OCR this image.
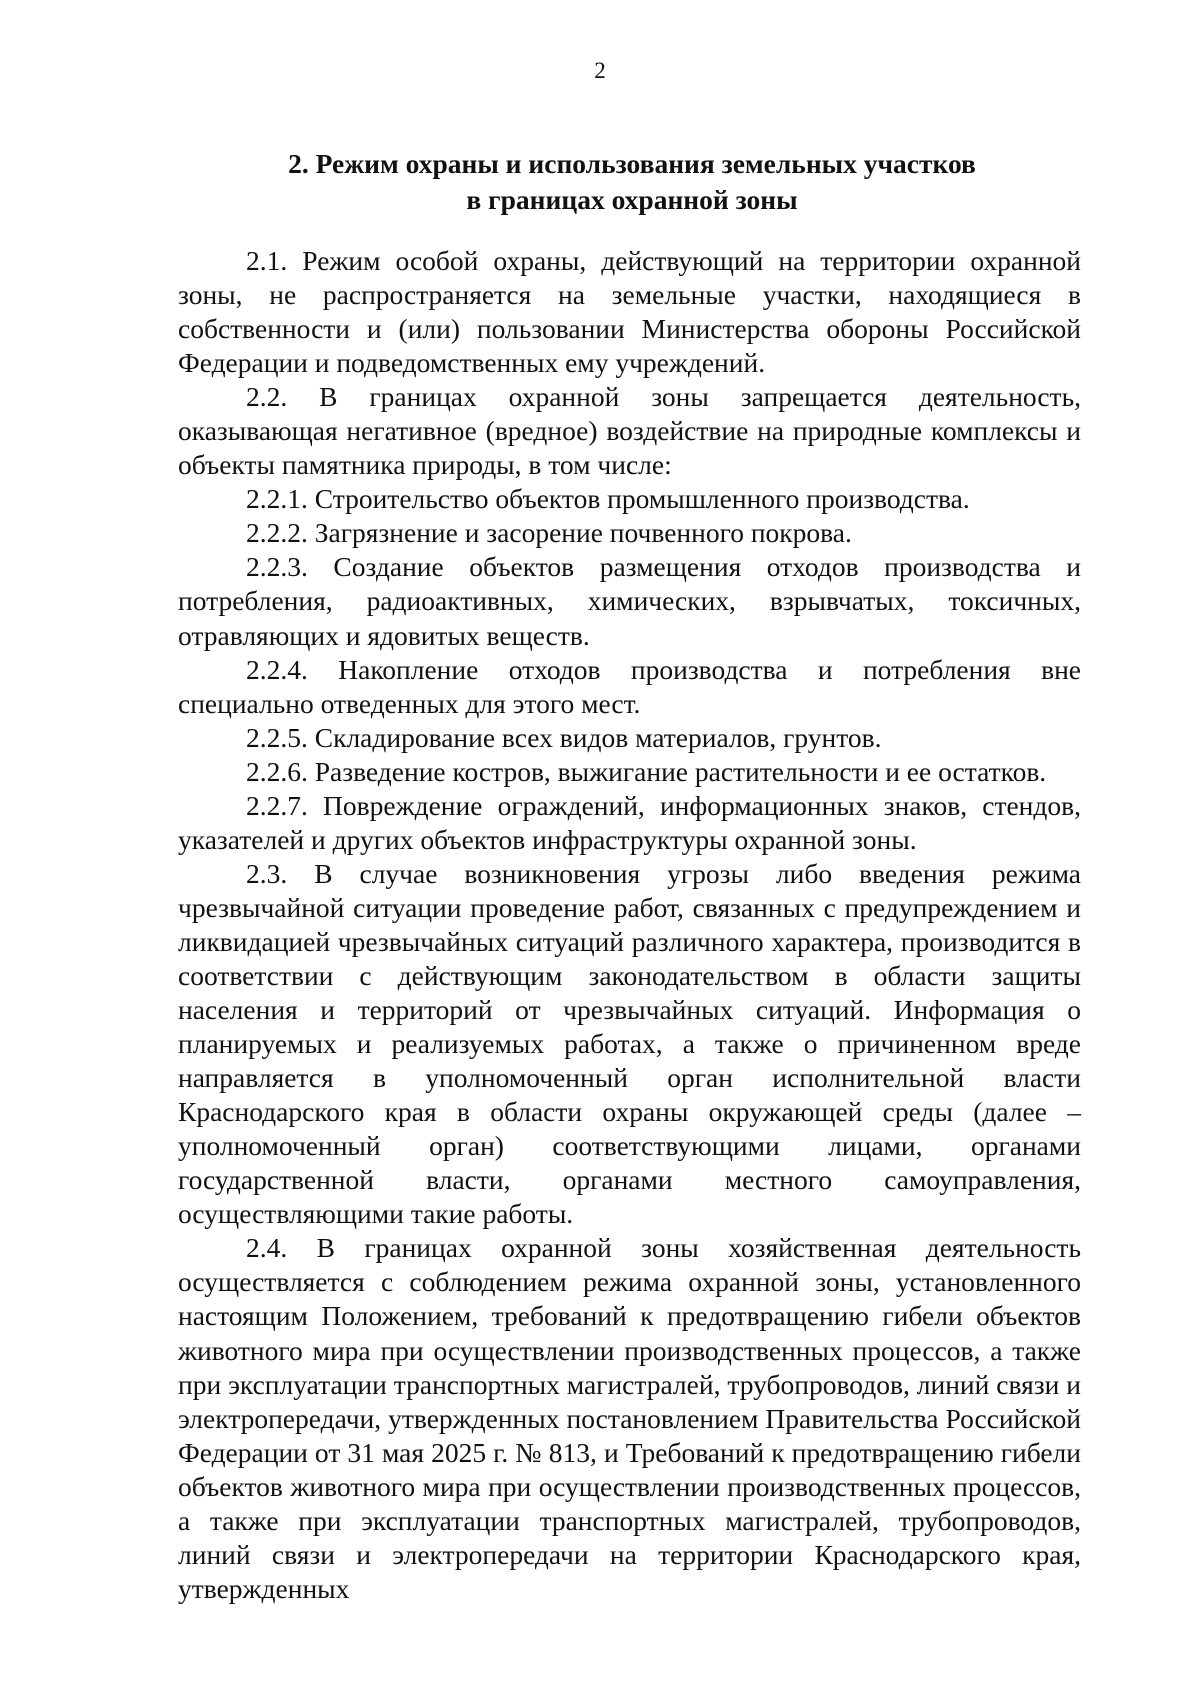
2

2. Режим охраны и использования земельных участков
в границах охранной зоны

2.1. Режим особой охраны, действующий на территории охранной зоны, не распространяется на земельные участки, находящиеся в собственности и (или) пользовании Министерства обороны Российской Федерации и подведомственных ему учреждений.

2.2. В границах охранной зоны запрещается деятельность, оказывающая негативное (вредное) воздействие на природные комплексы и объекты памятника природы, в том числе:

2.2.1. Строительство объектов промышленного производства.

2.2.2. Загрязнение и засорение почвенного покрова.

2.2.3. Создание объектов размещения отходов производства и потребления, радиоактивных, химических, взрывчатых, токсичных, отравляющих и ядовитых веществ.

2.2.4. Накопление отходов производства и потребления вне специально отведенных для этого мест.

2.2.5. Складирование всех видов материалов, грунтов.

2.2.6. Разведение костров, выжигание растительности и ее остатков.

2.2.7. Повреждение ограждений, информационных знаков, стендов, указателей и других объектов инфраструктуры охранной зоны.

2.3. В случае возникновения угрозы либо введения режима чрезвычайной ситуации проведение работ, связанных с предупреждением и ликвидацией чрезвычайных ситуаций различного характера, производится в соответствии с действующим законодательством в области защиты населения и территорий от чрезвычайных ситуаций. Информация о планируемых и реализуемых работах, а также о причиненном вреде направляется в уполномоченный орган исполнительной власти Краснодарского края в области охраны окружающей среды (далее – уполномоченный орган) соответствующими лицами, органами государственной власти, органами местного самоуправления, осуществляющими такие работы.

2.4. В границах охранной зоны хозяйственная деятельность осуществляется с соблюдением режима охранной зоны, установленного настоящим Положением, требований к предотвращению гибели объектов животного мира при осуществлении производственных процессов, а также при эксплуатации транспортных магистралей, трубопроводов, линий связи и электропередачи, утвержденных постановлением Правительства Российской Федерации от 31 мая 2025 г. № 813, и Требований к предотвращению гибели объектов животного мира при осуществлении производственных процессов, а также при эксплуатации транспортных магистралей, трубопроводов, линий связи и электропередачи на территории Краснодарского края, утвержденных
